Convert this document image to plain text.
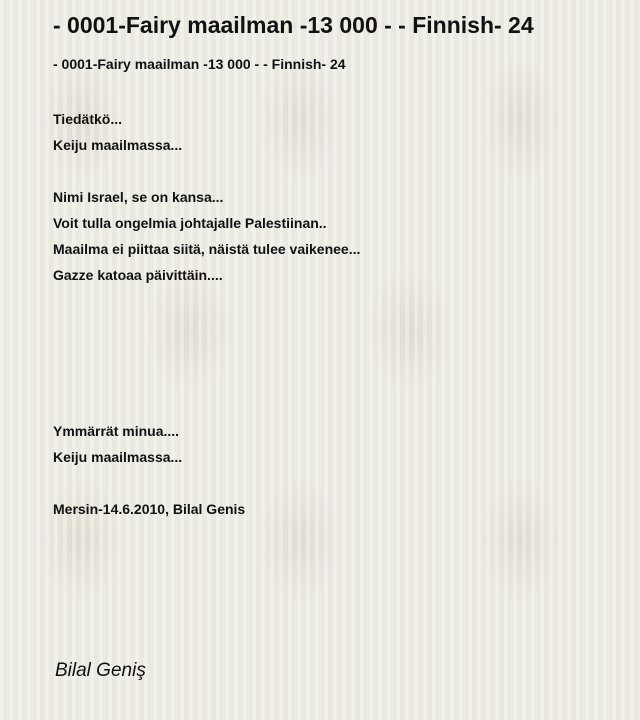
- 0001-Fairy maailman -13 000 - - Finnish- 24
- 0001-Fairy maailman -13 000 - - Finnish- 24
Tiedätkö...
Keiju maailmassa...
Nimi Israel, se on kansa...
Voit tulla ongelmia johtajalle Palestiinan..
Maailma ei piittaa siitä, näistä tulee vaikenee...
Gazze katoaa päivittäin....
Ymmärrät minua....
Keiju maailmassa...
Mersin-14.6.2010, Bilal Genis
Bilal Geniş
